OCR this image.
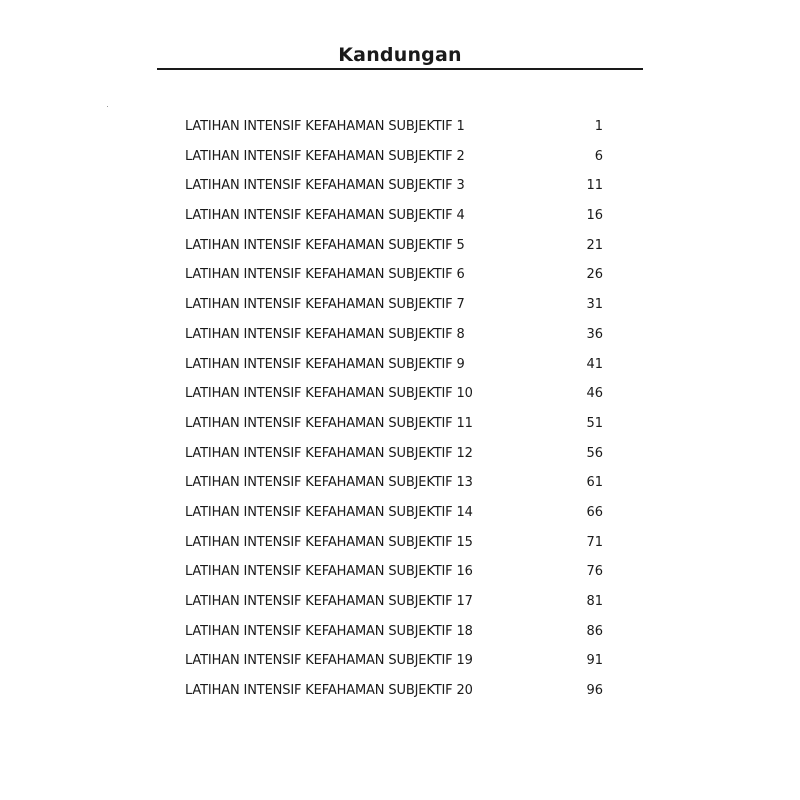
Kandungan
LATIHAN INTENSIF KEFAHAMAN SUBJEKTIF 1	1
LATIHAN INTENSIF KEFAHAMAN SUBJEKTIF 2	6
LATIHAN INTENSIF KEFAHAMAN SUBJEKTIF 3	11
LATIHAN INTENSIF KEFAHAMAN SUBJEKTIF 4	16
LATIHAN INTENSIF KEFAHAMAN SUBJEKTIF 5	21
LATIHAN INTENSIF KEFAHAMAN SUBJEKTIF 6	26
LATIHAN INTENSIF KEFAHAMAN SUBJEKTIF 7	31
LATIHAN INTENSIF KEFAHAMAN SUBJEKTIF 8	36
LATIHAN INTENSIF KEFAHAMAN SUBJEKTIF 9	41
LATIHAN INTENSIF KEFAHAMAN SUBJEKTIF 10	46
LATIHAN INTENSIF KEFAHAMAN SUBJEKTIF 11	51
LATIHAN INTENSIF KEFAHAMAN SUBJEKTIF 12	56
LATIHAN INTENSIF KEFAHAMAN SUBJEKTIF 13	61
LATIHAN INTENSIF KEFAHAMAN SUBJEKTIF 14	66
LATIHAN INTENSIF KEFAHAMAN SUBJEKTIF 15	71
LATIHAN INTENSIF KEFAHAMAN SUBJEKTIF 16	76
LATIHAN INTENSIF KEFAHAMAN SUBJEKTIF 17	81
LATIHAN INTENSIF KEFAHAMAN SUBJEKTIF 18	86
LATIHAN INTENSIF KEFAHAMAN SUBJEKTIF 19	91
LATIHAN INTENSIF KEFAHAMAN SUBJEKTIF 20	96
